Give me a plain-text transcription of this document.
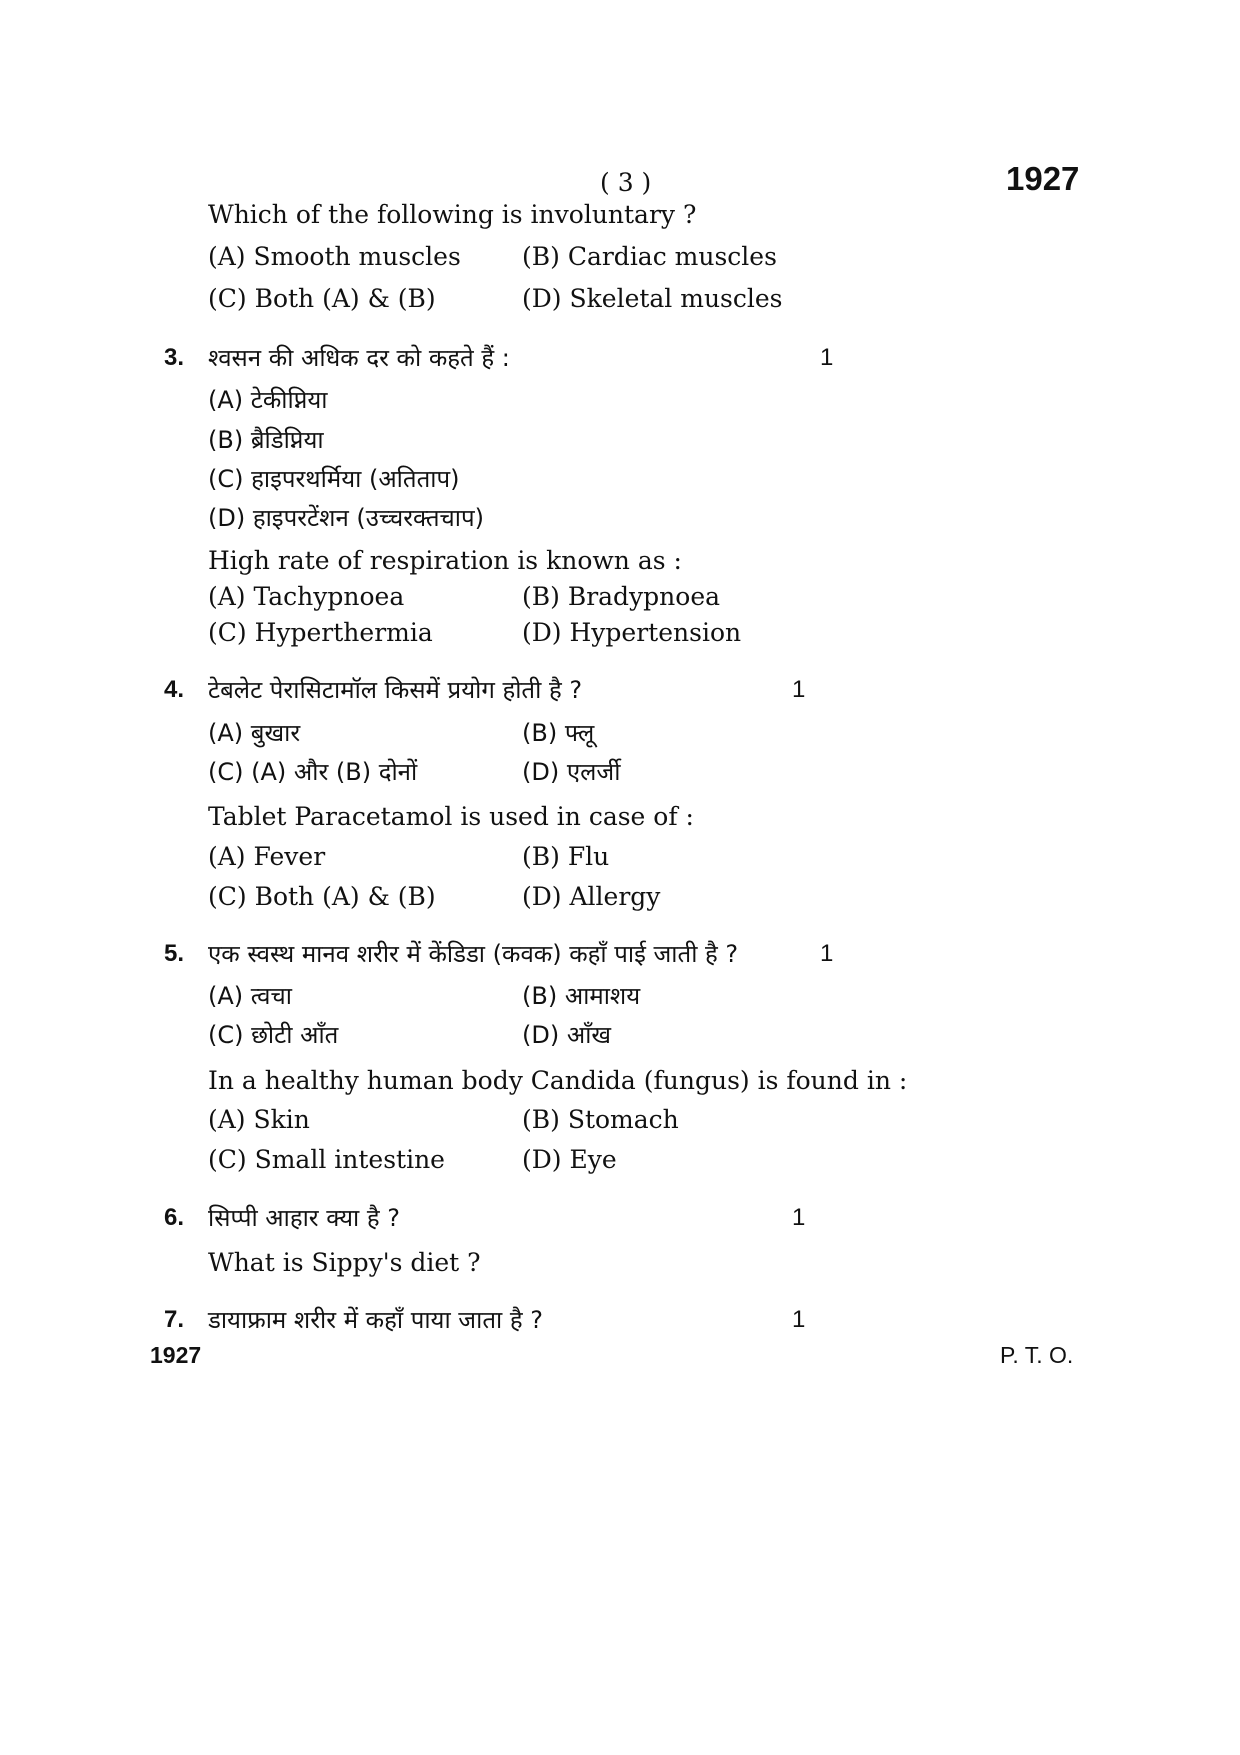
( 3 )	1927
Which of the following is involuntary ?
(A) Smooth muscles (B) Cardiac muscles
(C) Both (A) & (B)	(D) Skeletal muscles
3. श्वसन की अधिक दर को कहते हैं :	1
(A) टेकीप्निया
(B) ब्रैडिप्निया
(C) हाइपरथर्मिया (अतिताप)
(D) हाइपरटेंशन (उच्चरक्तचाप)
High rate of respiration is known as :
(A) Tachypnoea	(B) Bradypnoea
(C) Hyperthermia	(D) Hypertension
4. टेबलेट पेरासिटामॉल किसमें प्रयोग होती है ?	1
(A) बुखार	(B) फ्लू
(C) (A) और (B) दोनों	(D) एलर्जी
Tablet Paracetamol is used in case of :
(A) Fever	(B) Flu
(C) Both (A) & (B)	(D) Allergy
5. एक स्वस्थ मानव शरीर में केंडिडा (कवक) कहाँ पाई जाती है ?	1
(A) त्वचा	(B) आमाशय
(C) छोटी आँत	(D) आँख
In a healthy human body Candida (fungus) is found in :
(A) Skin	(B) Stomach
(C) Small intestine	(D) Eye
6. सिप्पी आहार क्या है ?	1
What is Sippy's diet ?
7. डायाफ्राम शरीर में कहाँ पाया जाता है ?	1
1927	P. T. O.
